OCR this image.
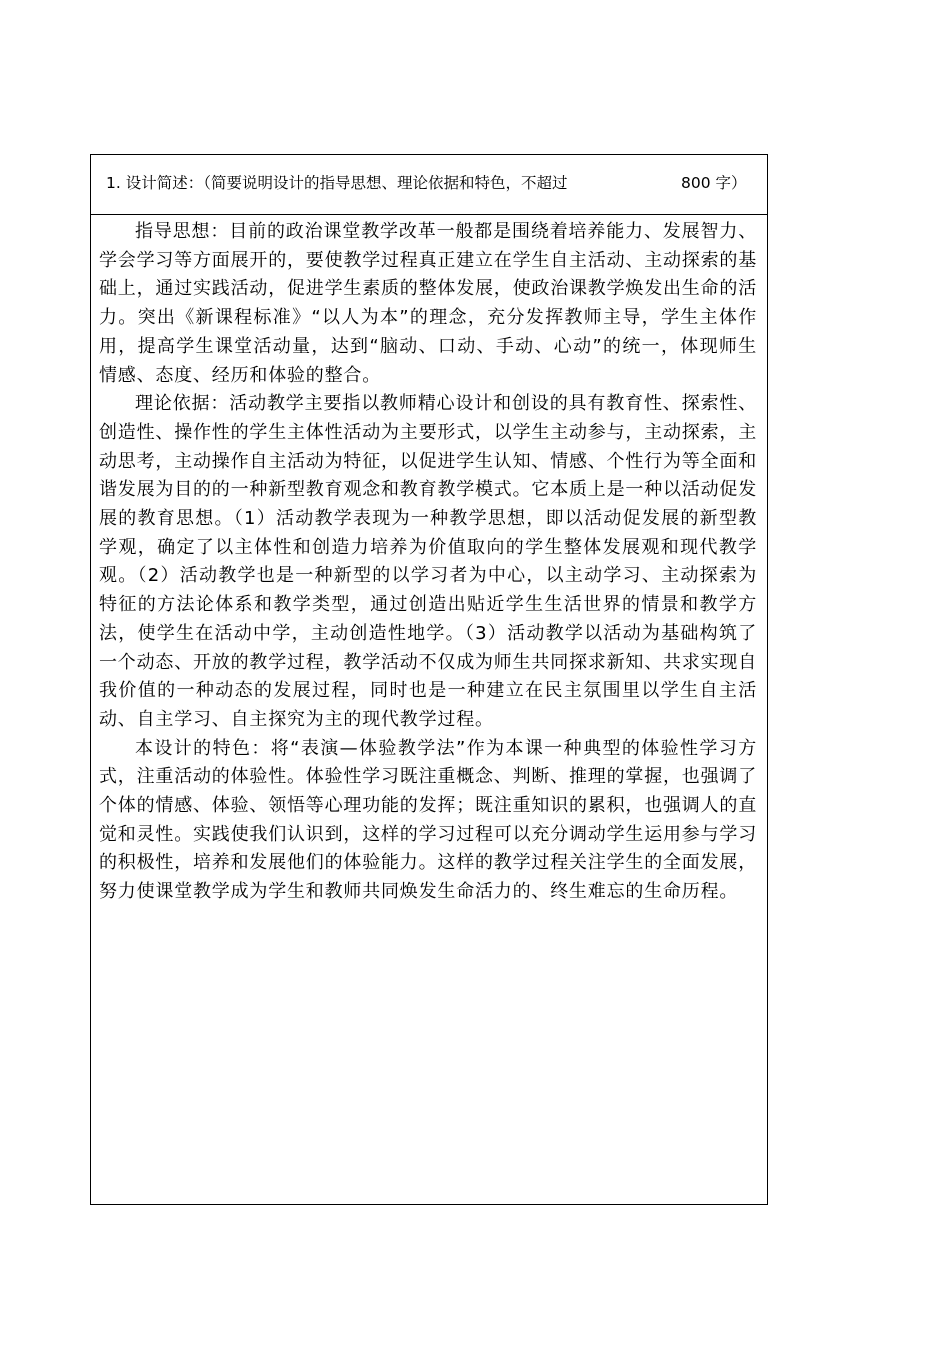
1. 设计简述：（简要说明设计的指导思想、理论依据和特色，不超过	800 字）

指导思想：目前的政治课堂教学改革一般都是围绕着培养能力、发展智力、学会学习等方面展开的，要使教学过程真正建立在学生自主活动、主动探索的基础上，通过实践活动，促进学生素质的整体发展，使政治课教学焕发出生命的活力。突出《新课程标准》“以人为本”的理念，充分发挥教师主导，学生主体作用，提高学生课堂活动量，达到“脑动、口动、手动、心动”的统一，体现师生情感、态度、经历和体验的整合。

理论依据：活动教学主要指以教师精心设计和创设的具有教育性、探索性、创造性、操作性的学生主体性活动为主要形式，以学生主动参与，主动探索，主动思考，主动操作自主活动为特征，以促进学生认知、情感、个性行为等全面和谐发展为目的的一种新型教育观念和教育教学模式。它本质上是一种以活动促发展的教育思想。（1）活动教学表现为一种教学思想，即以活动促发展的新型教学观，确定了以主体性和创造力培养为价值取向的学生整体发展观和现代教学观。（2）活动教学也是一种新型的以学习者为中心，以主动学习、主动探索为特征的方法论体系和教学类型，通过创造出贴近学生生活世界的情景和教学方法，使学生在活动中学，主动创造性地学。（3）活动教学以活动为基础构筑了一个动态、开放的教学过程，教学活动不仅成为师生共同探求新知、共求实现自我价值的一种动态的发展过程，同时也是一种建立在民主氛围里以学生自主活动、自主学习、自主探究为主的现代教学过程。

本设计的特色：将“表演—体验教学法”作为本课一种典型的体验性学习方式，注重活动的体验性。体验性学习既注重概念、判断、推理的掌握，也强调了个体的情感、体验、领悟等心理功能的发挥；既注重知识的累积，也强调人的直觉和灵性。实践使我们认识到，这样的学习过程可以充分调动学生运用参与学习的积极性，培养和发展他们的体验能力。这样的教学过程关注学生的全面发展，努力使课堂教学成为学生和教师共同焕发生命活力的、终生难忘的生命历程。
